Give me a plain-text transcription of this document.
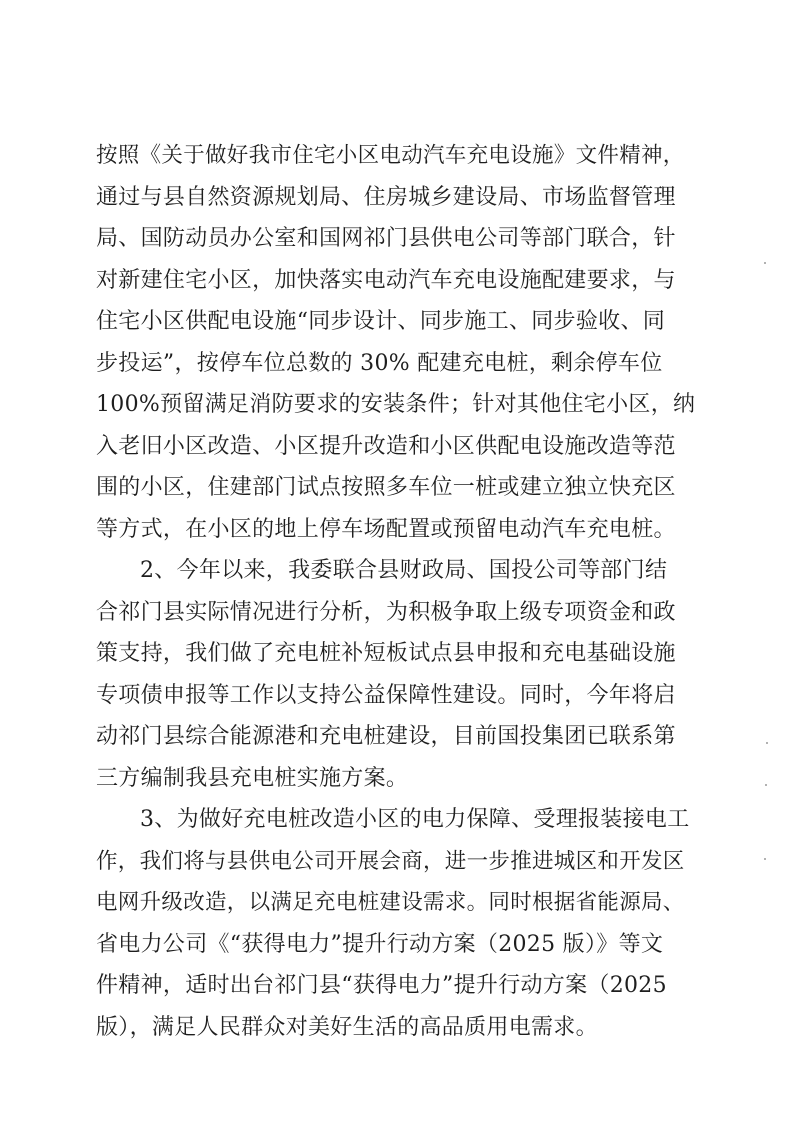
按照《关于做好我市住宅小区电动汽车充电设施》文件精神，
通过与县自然资源规划局、住房城乡建设局、市场监督管理
局、国防动员办公室和国网祁门县供电公司等部门联合，针
对新建住宅小区，加快落实电动汽车充电设施配建要求，与
住宅小区供配电设施“同步设计、同步施工、同步验收、同
步投运”，按停车位总数的 30% 配建充电桩，剩余停车位
100%预留满足消防要求的安装条件；针对其他住宅小区，纳
入老旧小区改造、小区提升改造和小区供配电设施改造等范
围的小区，住建部门试点按照多车位一桩或建立独立快充区
等方式，在小区的地上停车场配置或预留电动汽车充电桩。
2、今年以来，我委联合县财政局、国投公司等部门结
合祁门县实际情况进行分析，为积极争取上级专项资金和政
策支持，我们做了充电桩补短板试点县申报和充电基础设施
专项债申报等工作以支持公益保障性建设。同时，今年将启
动祁门县综合能源港和充电桩建设，目前国投集团已联系第
三方编制我县充电桩实施方案。
3、为做好充电桩改造小区的电力保障、受理报装接电工
作，我们将与县供电公司开展会商，进一步推进城区和开发区
电网升级改造，以满足充电桩建设需求。同时根据省能源局、
省电力公司《“获得电力”提升行动方案（2025 版）》等文
件精神，适时出台祁门县“获得电力”提升行动方案（2025
版），满足人民群众对美好生活的高品质用电需求。
